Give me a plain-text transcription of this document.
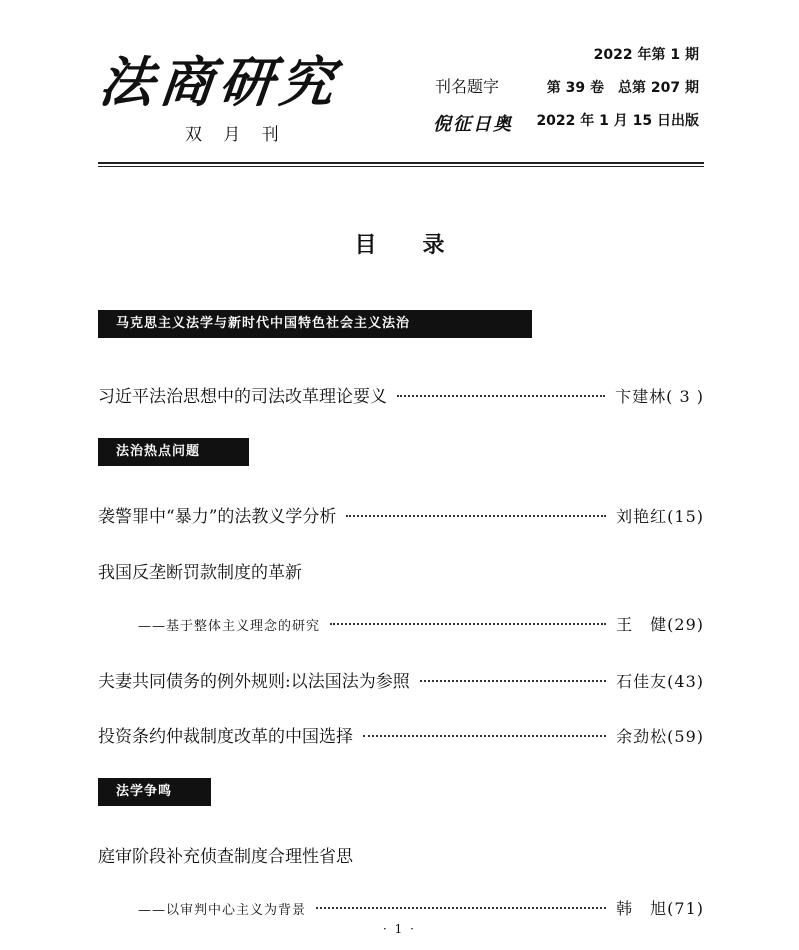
法商研究
双 月 刊
刊名题字
倪征日奥
2022 年第 1 期
第 39 卷　总第 207 期
2022 年 1 月 15 日出版
目录
马克思主义法学与新时代中国特色社会主义法治
习近平法治思想中的司法改革理论要义	卞建林 ( 3 )
法治热点问题
袭警罪中“暴力”的法教义学分析	刘艳红 (15)
我国反垄断罚款制度的革新
——基于整体主义理念的研究	王　健 (29)
夫妻共同债务的例外规则:以法国法为参照	石佳友 (43)
投资条约仲裁制度改革的中国选择	余劲松 (59)
法学争鸣
庭审阶段补充侦查制度合理性省思
——以审判中心主义为背景	韩　旭 (71)
· 1 ·
